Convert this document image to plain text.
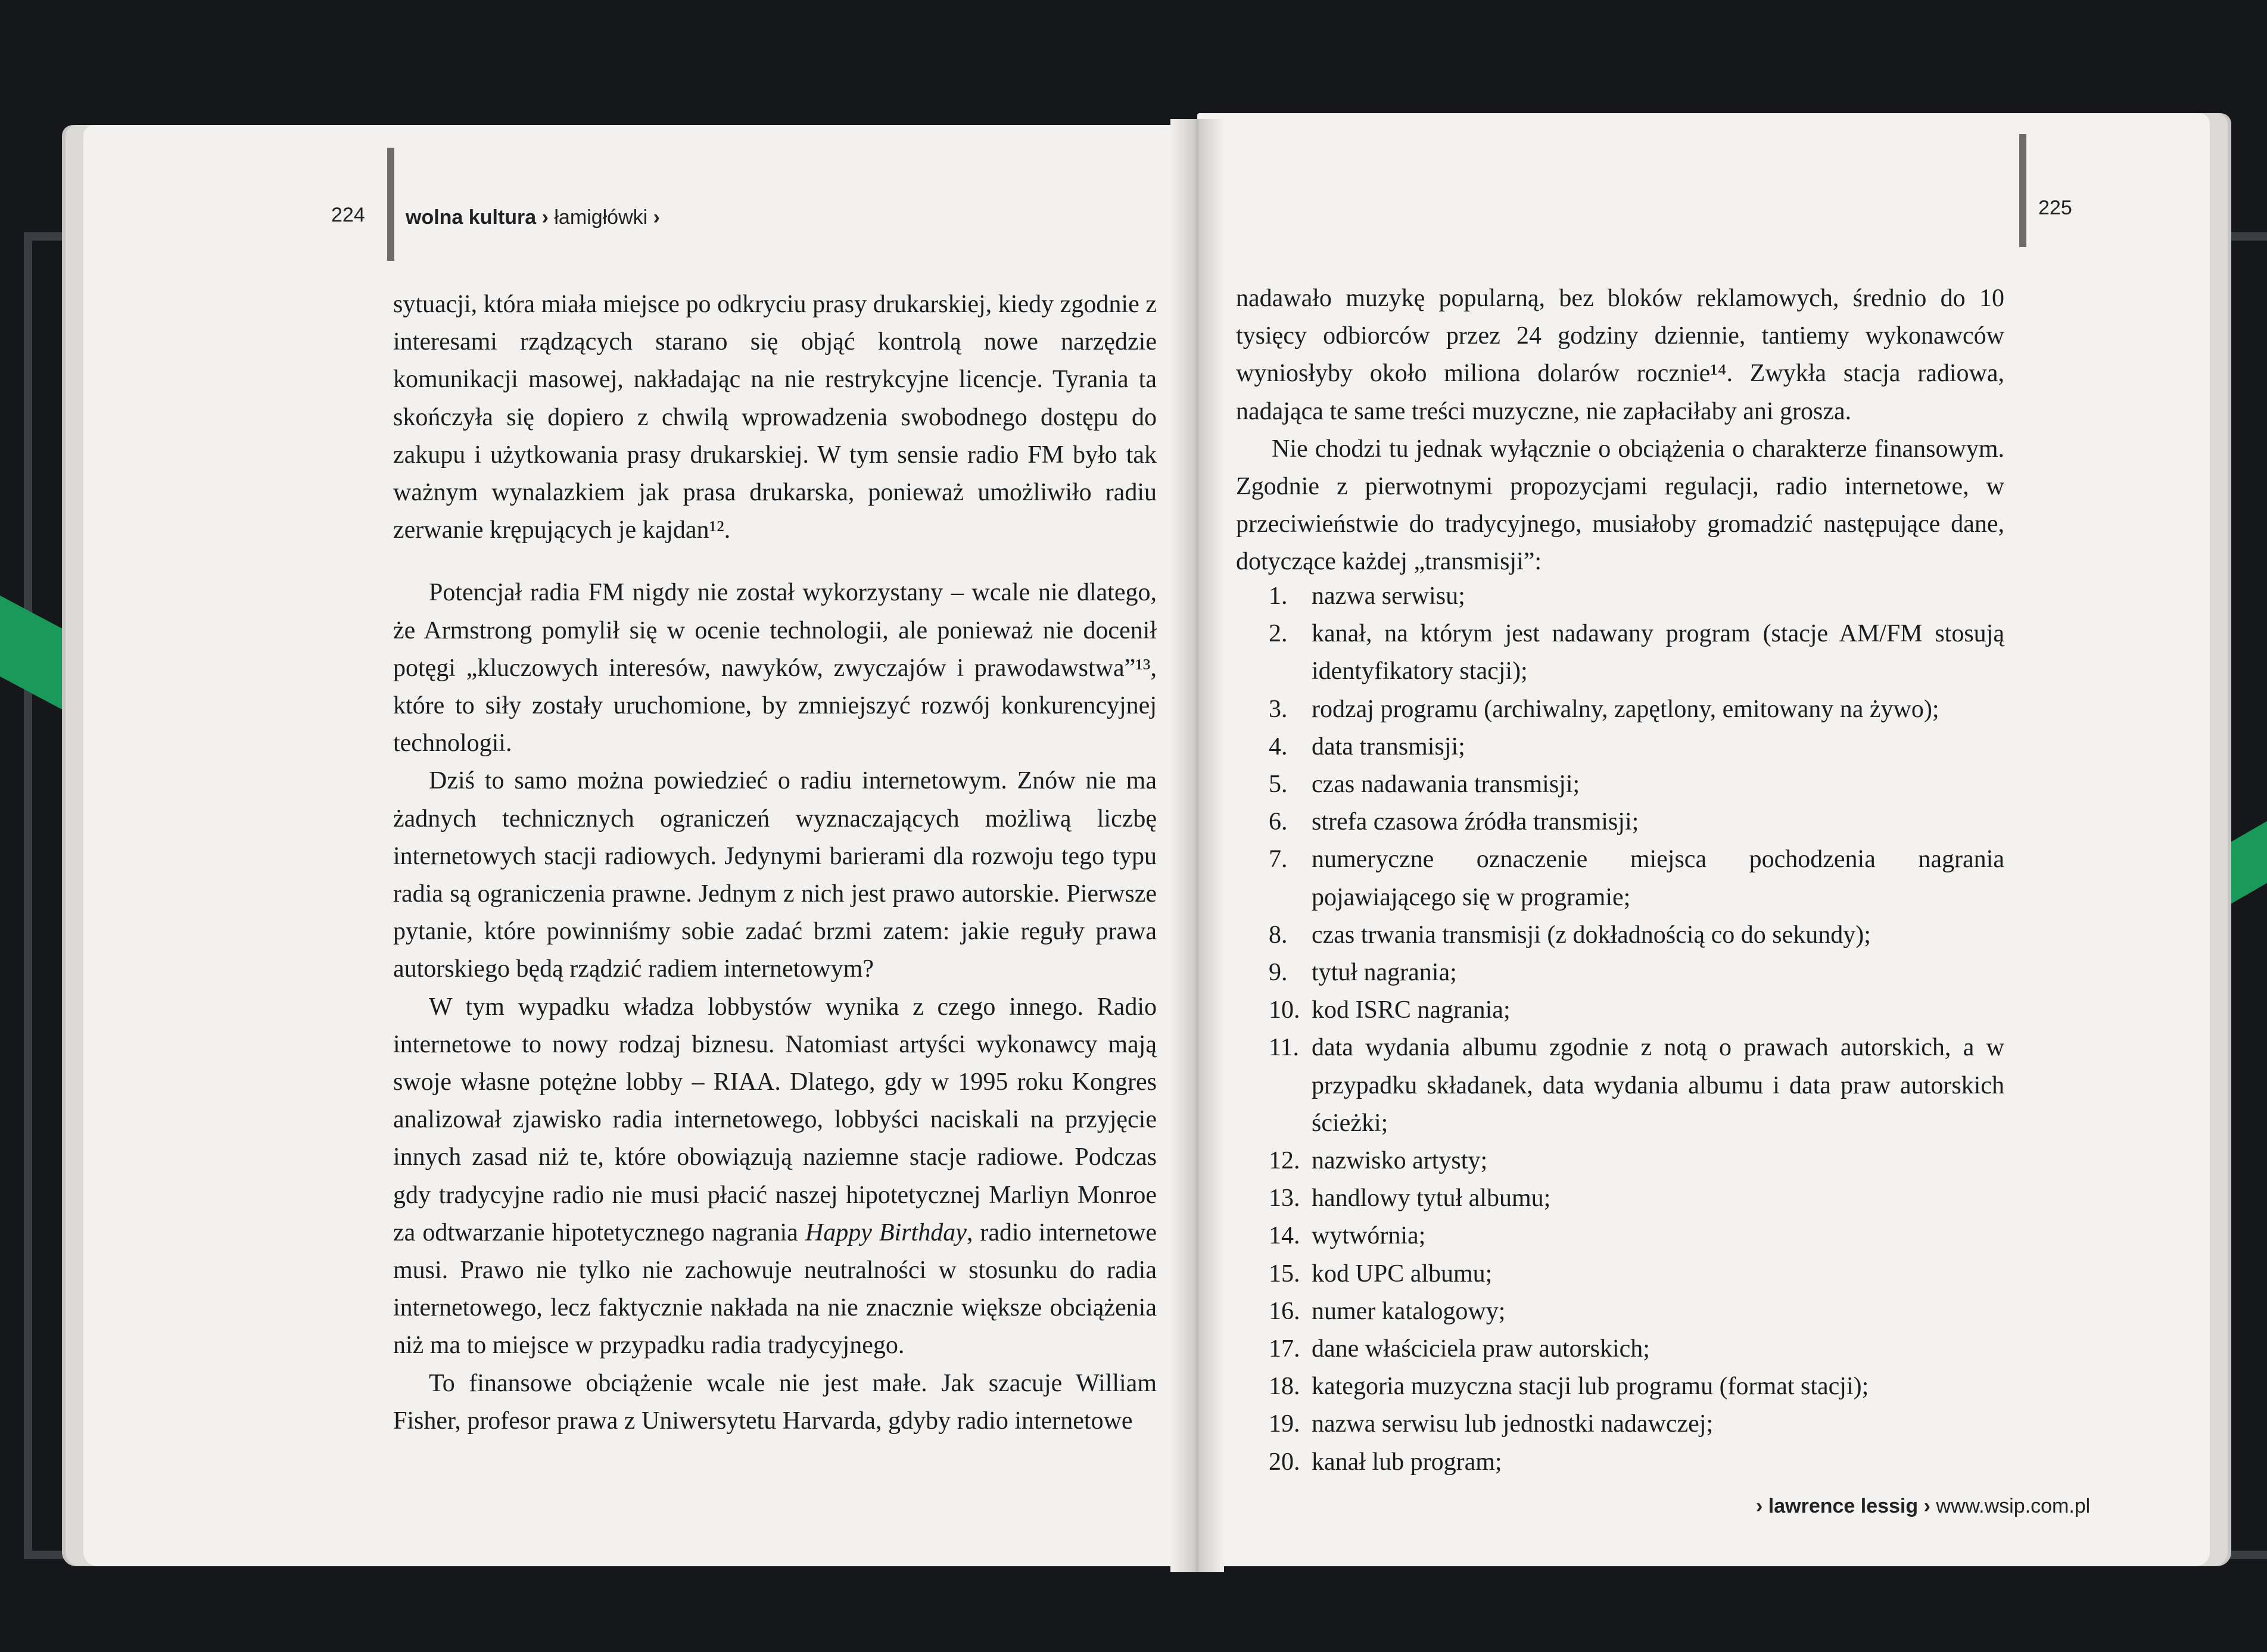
224 wolna kultura › łamigłówki ›

sytuacji, która miała miejsce po odkryciu prasy drukarskiej, kiedy zgodnie z interesami rządzących starano się objąć kontrolą nowe narzędzie komunikacji masowej, nakładając na nie restrykcyjne licencje. Tyrania ta skończyła się dopiero z chwilą wprowadzenia swobodnego dostępu do zakupu i użytkowania prasy drukarskiej. W tym sensie radio FM było tak ważnym wynalazkiem jak prasa drukarska, ponieważ umożliwiło radiu zerwanie krępujących je kajdan¹².

Potencjał radia FM nigdy nie został wykorzystany – wcale nie dlatego, że Armstrong pomylił się w ocenie technologii, ale ponieważ nie docenił potęgi „kluczowych interesów, nawyków, zwyczajów i prawodawstwa”¹³, które to siły zostały uruchomione, by zmniejszyć rozwój konkurencyjnej technologii.

Dziś to samo można powiedzieć o radiu internetowym. Znów nie ma żadnych technicznych ograniczeń wyznaczających możliwą liczbę internetowych stacji radiowych. Jedynymi barierami dla rozwoju tego typu radia są ograniczenia prawne. Jednym z nich jest prawo autorskie. Pierwsze pytanie, które powinniśmy sobie zadać brzmi zatem: jakie reguły prawa autorskiego będą rządzić radiem internetowym?

W tym wypadku władza lobbystów wynika z czego innego. Radio internetowe to nowy rodzaj biznesu. Natomiast artyści wykonawcy mają swoje własne potężne lobby – RIAA. Dlatego, gdy w 1995 roku Kongres analizował zjawisko radia internetowego, lobbyści naciskali na przyjęcie innych zasad niż te, które obowiązują naziemne stacje radiowe. Podczas gdy tradycyjne radio nie musi płacić naszej hipotetycznej Marliyn Monroe za odtwarzanie hipotetycznego nagrania Happy Birthday, radio internetowe musi. Prawo nie tylko nie zachowuje neutralności w stosunku do radia internetowego, lecz faktycznie nakłada na nie znacznie większe obciążenia niż ma to miejsce w przypadku radia tradycyjnego.

To finansowe obciążenie wcale nie jest małe. Jak szacuje William Fisher, profesor prawa z Uniwersytetu Harvarda, gdyby radio internetowe

225

nadawało muzykę popularną, bez bloków reklamowych, średnio do 10 tysięcy odbiorców przez 24 godziny dziennie, tantiemy wykonawców wyniosłyby około miliona dolarów rocznie¹⁴. Zwykła stacja radiowa, nadająca te same treści muzyczne, nie zapłaciłaby ani grosza.

Nie chodzi tu jednak wyłącznie o obciążenia o charakterze finansowym. Zgodnie z pierwotnymi propozycjami regulacji, radio internetowe, w przeciwieństwie do tradycyjnego, musiałoby gromadzić następujące dane, dotyczące każdej „transmisji”:

1. nazwa serwisu;
2. kanał, na którym jest nadawany program (stacje AM/FM stosują identyfikatory stacji);
3. rodzaj programu (archiwalny, zapętlony, emitowany na żywo);
4. data transmisji;
5. czas nadawania transmisji;
6. strefa czasowa źródła transmisji;
7. numeryczne oznaczenie miejsca pochodzenia nagrania pojawiającego się w programie;
8. czas trwania transmisji (z dokładnością co do sekundy);
9. tytuł nagrania;
10. kod ISRC nagrania;
11. data wydania albumu zgodnie z notą o prawach autorskich, a w przypadku składanek, data wydania albumu i data praw autorskich ścieżki;
12. nazwisko artysty;
13. handlowy tytuł albumu;
14. wytwórnia;
15. kod UPC albumu;
16. numer katalogowy;
17. dane właściciela praw autorskich;
18. kategoria muzyczna stacji lub programu (format stacji);
19. nazwa serwisu lub jednostki nadawczej;
20. kanał lub program;
› lawrence lessig › www.wsip.com.pl
